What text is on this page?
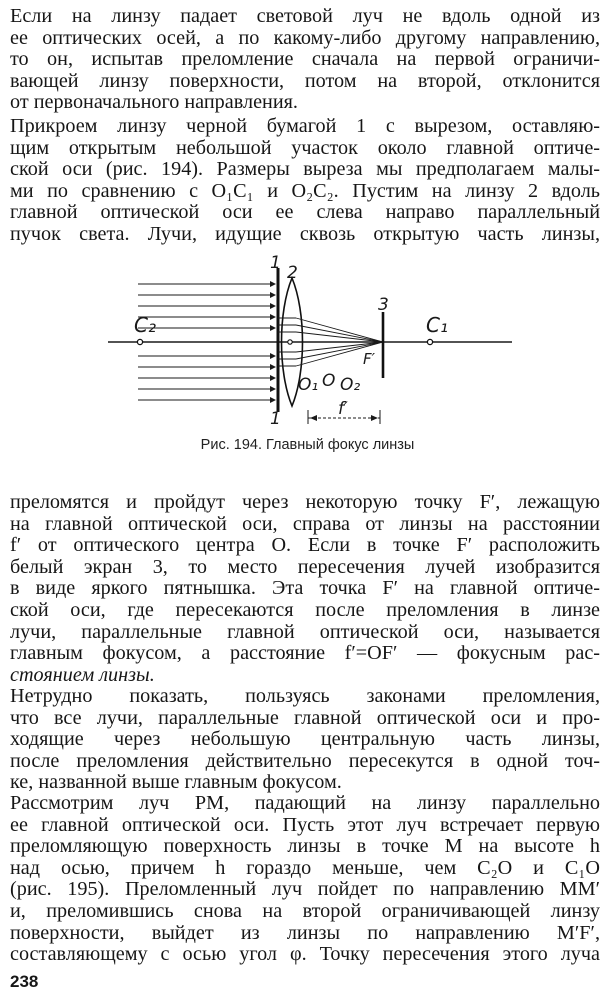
Если на линзу падает световой луч не вдоль одной из
ее оптических осей, а по какому-либо другому направлению,
то он, испытав преломление сначала на первой ограничи-
вающей линзу поверхности, потом на второй, отклонится
от первоначального направления.
Прикроем линзу черной бумагой 1 с вырезом, оставляю-
щим открытым небольшой участок около главной оптиче-
ской оси (рис. 194). Размеры выреза мы предполагаем малы-
ми по сравнению с O₁C₁ и O₂C₂. Пустим на линзу 2 вдоль
главной оптической оси ее слева направо параллельный
пучок света. Лучи, идущие сквозь открытую часть линзы,
1
1
2
3
C₂	C₁
F′
O₁ O O₂
f′
Рис. 194. Главный фокус линзы
преломятся и пройдут через некоторую точку F′, лежащую
на главной оптической оси, справа от линзы на расстоянии
f′ от оптического центра O. Если в точке F′ расположить
белый экран 3, то место пересечения лучей изобразится
в виде яркого пятнышка. Эта точка F′ на главной оптиче-
ской оси, где пересекаются после преломления в линзе
лучи, параллельные главной оптической оси, называется
главным фокусом, а расстояние f′=OF′ — фокусным рас-
стоянием линзы.
Нетрудно показать, пользуясь законами преломления,
что все лучи, параллельные главной оптической оси и про-
ходящие через небольшую центральную часть линзы,
после преломления действительно пересекутся в одной точ-
ке, названной выше главным фокусом.
Рассмотрим луч PM, падающий на линзу параллельно
ее главной оптической оси. Пусть этот луч встречает первую
преломляющую поверхность линзы в точке M на высоте h
над осью, причем h гораздо меньше, чем C₂O и C₁O
(рис. 195). Преломленный луч пойдет по направлению MM′
и, преломившись снова на второй ограничивающей линзу
поверхности, выйдет из линзы по направлению M′F′,
составляющему с осью угол φ. Точку пересечения этого луча
238
